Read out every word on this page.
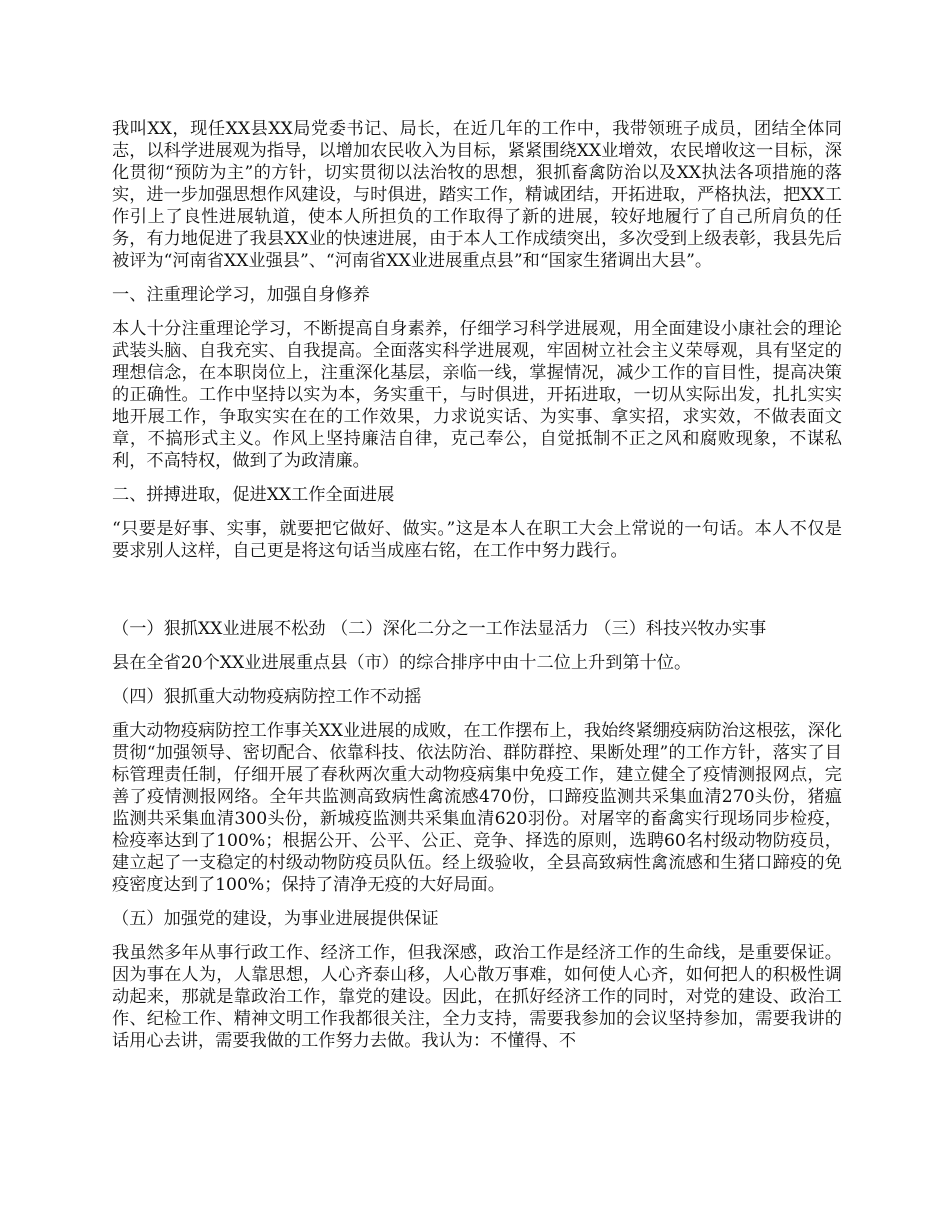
我叫XX，现任XX县XX局党委书记、局长，在近几年的工作中，我带领班子成员，团结全体同志，以科学进展观为指导，以增加农民收入为目标，紧紧围绕XX业增效，农民增收这一目标，深化贯彻“预防为主”的方针，切实贯彻以法治牧的思想，狠抓畜禽防治以及XX执法各项措施的落实，进一步加强思想作风建设，与时俱进，踏实工作，精诚团结，开拓进取，严格执法，把XX工作引上了良性进展轨道，使本人所担负的工作取得了新的进展，较好地履行了自己所肩负的任务，有力地促进了我县XX业的快速进展，由于本人工作成绩突出，多次受到上级表彰，我县先后被评为“河南省XX业强县”、“河南省XX业进展重点县”和“国家生猪调出大县”。

一、注重理论学习，加强自身修养

本人十分注重理论学习，不断提高自身素养，仔细学习科学进展观，用全面建设小康社会的理论武装头脑、自我充实、自我提高。全面落实科学进展观，牢固树立社会主义荣辱观，具有坚定的理想信念，在本职岗位上，注重深化基层，亲临一线，掌握情况，减少工作的盲目性，提高决策的正确性。工作中坚持以实为本，务实重干，与时俱进，开拓进取，一切从实际出发，扎扎实实地开展工作，争取实实在在的工作效果，力求说实话、为实事、拿实招，求实效，不做表面文章，不搞形式主义。作风上坚持廉洁自律，克己奉公，自觉抵制不正之风和腐败现象，不谋私利，不高特权，做到了为政清廉。

二、拼搏进取，促进XX工作全面进展

“只要是好事、实事，就要把它做好、做实。”这是本人在职工大会上常说的一句话。本人不仅是要求别人这样，自己更是将这句话当成座右铭，在工作中努力践行。

（一）狠抓XX业进展不松劲 （二）深化二分之一工作法显活力 （三）科技兴牧办实事

县在全省20个XX业进展重点县（市）的综合排序中由十二位上升到第十位。

（四）狠抓重大动物疫病防控工作不动摇

重大动物疫病防控工作事关XX业进展的成败，在工作摆布上，我始终紧绷疫病防治这根弦，深化贯彻“加强领导、密切配合、依靠科技、依法防治、群防群控、果断处理”的工作方针，落实了目标管理责任制，仔细开展了春秋两次重大动物疫病集中免疫工作，建立健全了疫情测报网点，完善了疫情测报网络。全年共监测高致病性禽流感470份，口蹄疫监测共采集血清270头份，猪瘟监测共采集血清300头份，新城疫监测共采集血清620羽份。对屠宰的畜禽实行现场同步检疫，检疫率达到了100%；根据公开、公平、公正、竞争、择选的原则，选聘60名村级动物防疫员，建立起了一支稳定的村级动物防疫员队伍。经上级验收，全县高致病性禽流感和生猪口蹄疫的免疫密度达到了100%；保持了清净无疫的大好局面。

（五）加强党的建设，为事业进展提供保证

我虽然多年从事行政工作、经济工作，但我深感，政治工作是经济工作的生命线，是重要保证。因为事在人为，人靠思想，人心齐泰山移，人心散万事难，如何使人心齐，如何把人的积极性调动起来，那就是靠政治工作，靠党的建设。因此，在抓好经济工作的同时，对党的建设、政治工作、纪检工作、精神文明工作我都很关注，全力支持，需要我参加的会议坚持参加，需要我讲的话用心去讲，需要我做的工作努力去做。我认为：不懂得、不
